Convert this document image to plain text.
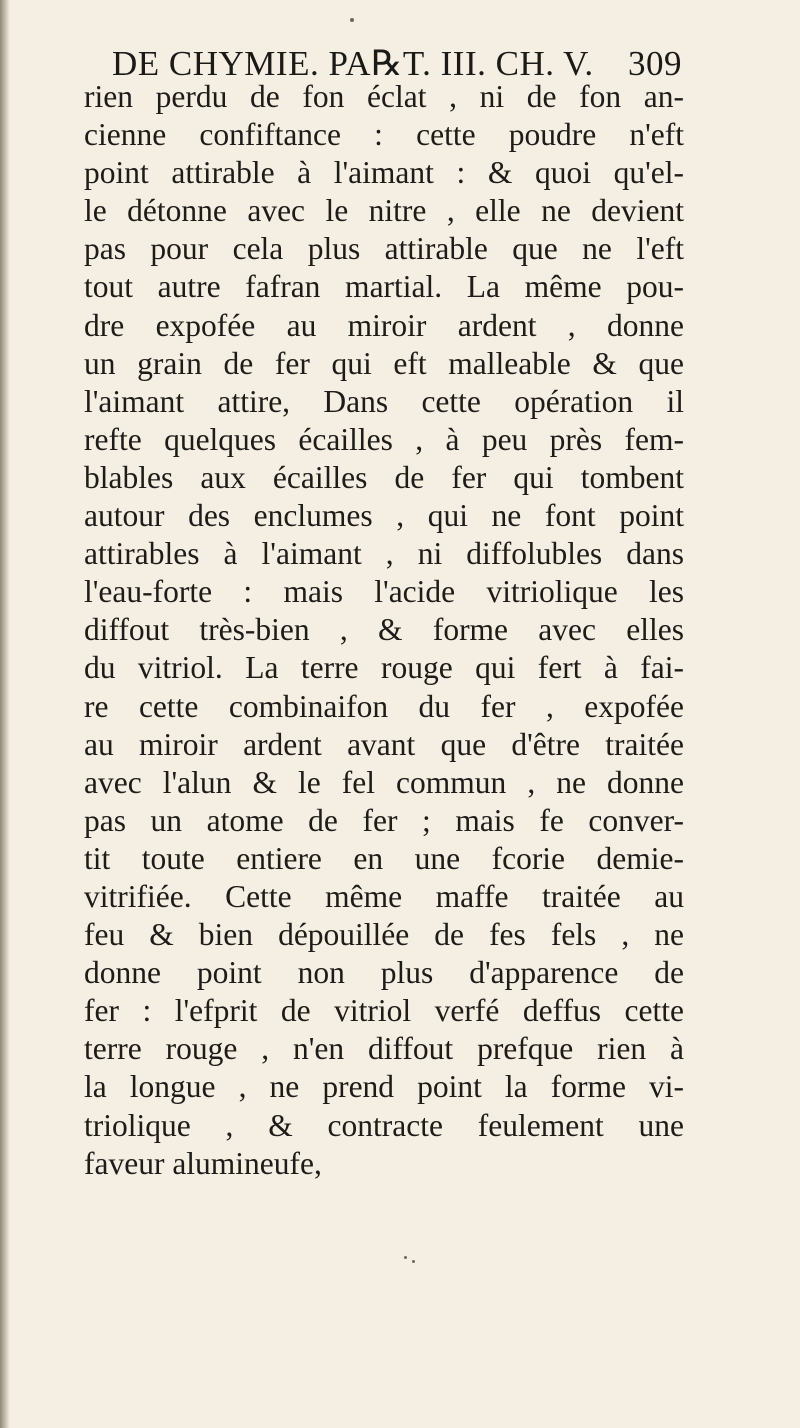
DE CHYMIE. PA℞T. III. CH. V. 309
rien perdu de fon éclat , ni de fon an-
cienne confiftance : cette poudre n'eft
point attirable à l'aimant : & quoi qu'el-
le détonne avec le nitre , elle ne devient
pas pour cela plus attirable que ne l'eft
tout autre fafran martial. La même pou-
dre expofée au miroir ardent , donne
un grain de fer qui eft malleable & que
l'aimant attire, Dans cette opération il
refte quelques écailles , à peu près fem-
blables aux écailles de fer qui tombent
autour des enclumes , qui ne font point
attirables à l'aimant , ni diffolubles dans
l'eau-forte : mais l'acide vitriolique les
diffout très-bien , & forme avec elles
du vitriol. La terre rouge qui fert à fai-
re cette combinaifon du fer , expofée
au miroir ardent avant que d'être traitée
avec l'alun & le fel commun , ne donne
pas un atome de fer ; mais fe conver-
tit toute entiere en une fcorie demie-
vitrifiée. Cette même maffe traitée au
feu & bien dépouillée de fes fels , ne
donne point non plus d'apparence de
fer : l'efprit de vitriol verfé deffus cette
terre rouge , n'en diffout prefque rien à
la longue , ne prend point la forme vi-
triolique , & contracte feulement une
faveur alumineufe,
